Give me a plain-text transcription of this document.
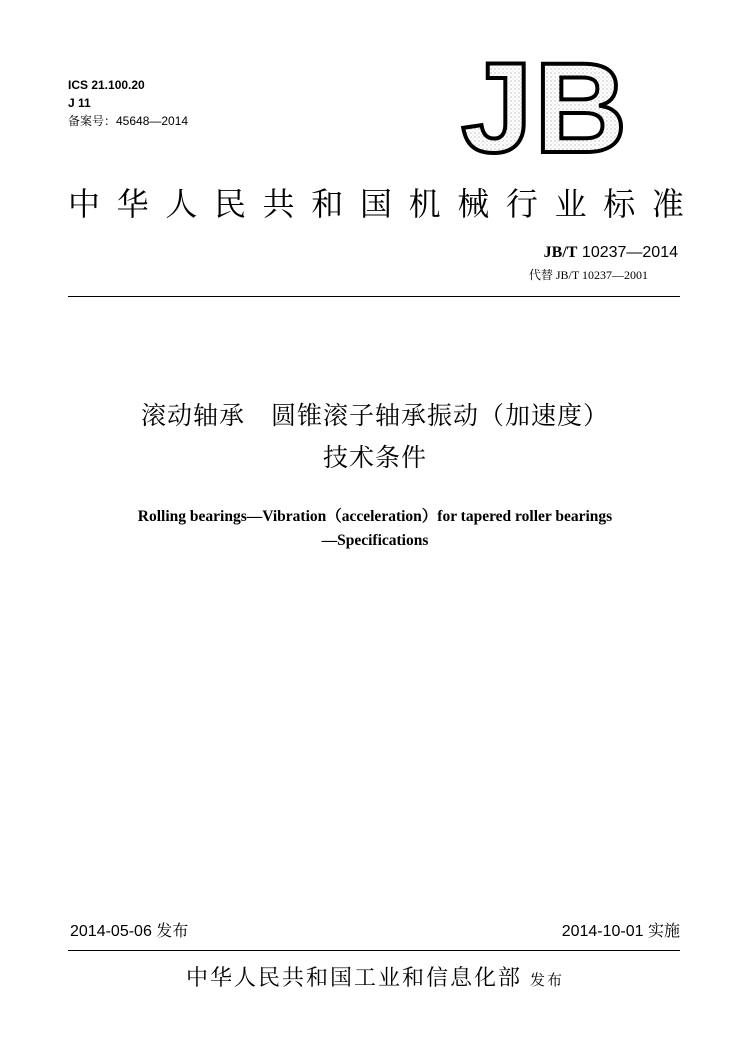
ICS 21.100.20
J 11
备案号：45648—2014 JB
中 华 人 民 共 和 国 机 械 行 业 标 准
JB/T 10237—2014
代替 JB/T 10237—2001
滚动轴承　圆锥滚子轴承振动（加速度）
技术条件
Rolling bearings—Vibration（acceleration）for tapered roller bearings
—Specifications
2014-05-06 发布	2014-10-01 实施
中华人民共和国工业和信息化部 发布
